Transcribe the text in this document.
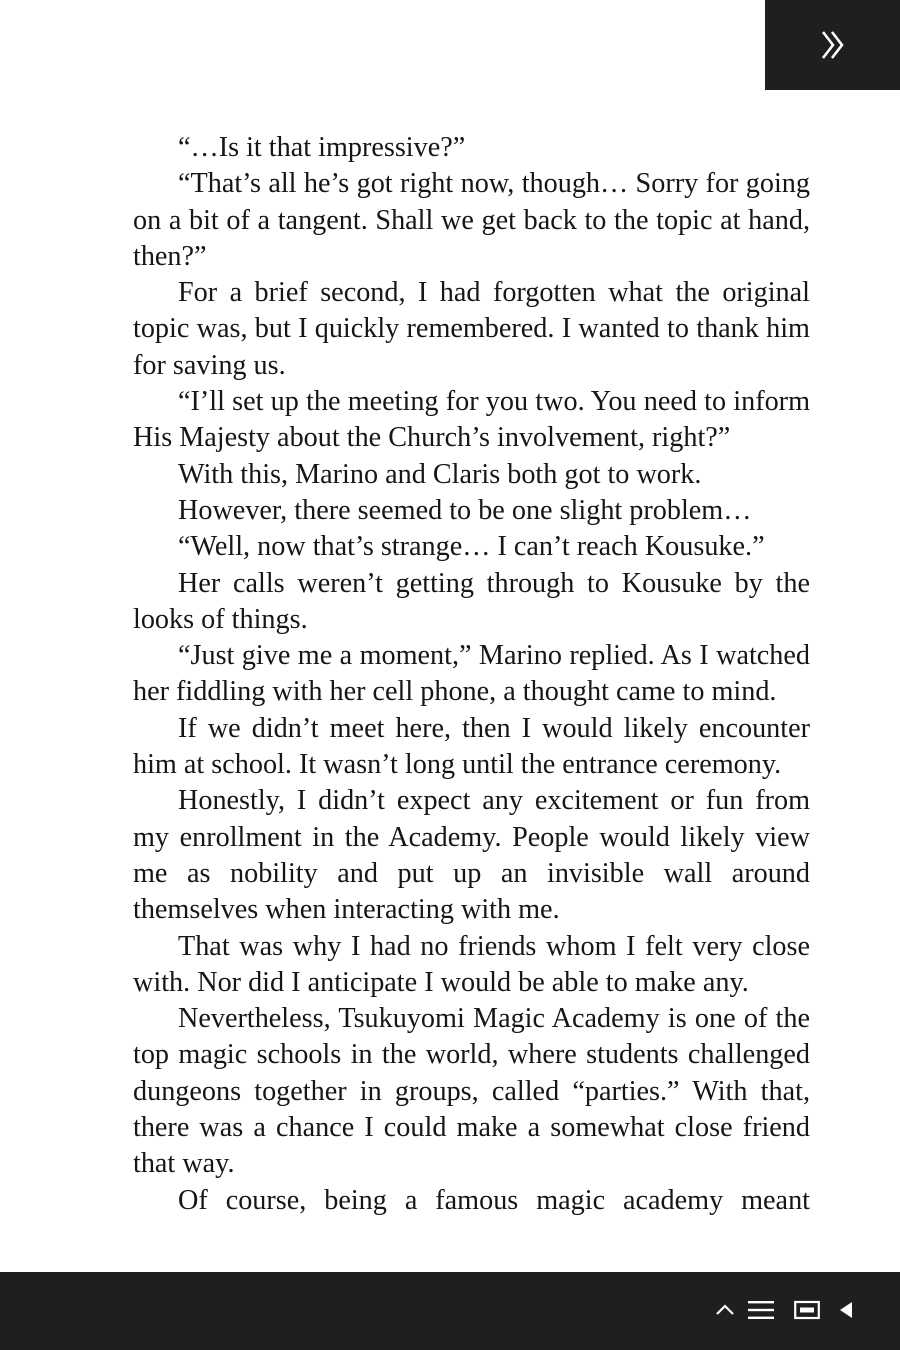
“…Is it that impressive?”

“That’s all he’s got right now, though… Sorry for going on a bit of a tangent. Shall we get back to the topic at hand, then?”

For a brief second, I had forgotten what the original topic was, but I quickly remembered. I wanted to thank him for saving us.

“I’ll set up the meeting for you two. You need to inform His Majesty about the Church’s involvement, right?”

With this, Marino and Claris both got to work.

However, there seemed to be one slight problem…

“Well, now that’s strange… I can’t reach Kousuke.”

Her calls weren’t getting through to Kousuke by the looks of things.

“Just give me a moment,” Marino replied. As I watched her fiddling with her cell phone, a thought came to mind.

If we didn’t meet here, then I would likely encounter him at school. It wasn’t long until the entrance ceremony.

Honestly, I didn’t expect any excitement or fun from my enrollment in the Academy. People would likely view me as nobility and put up an invisible wall around themselves when interacting with me.

That was why I had no friends whom I felt very close with. Nor did I anticipate I would be able to make any.

Nevertheless, Tsukuyomi Magic Academy is one of the top magic schools in the world, where students challenged dungeons together in groups, called “parties.” With that, there was a chance I could make a somewhat close friend that way.

Of course, being a famous magic academy meant
